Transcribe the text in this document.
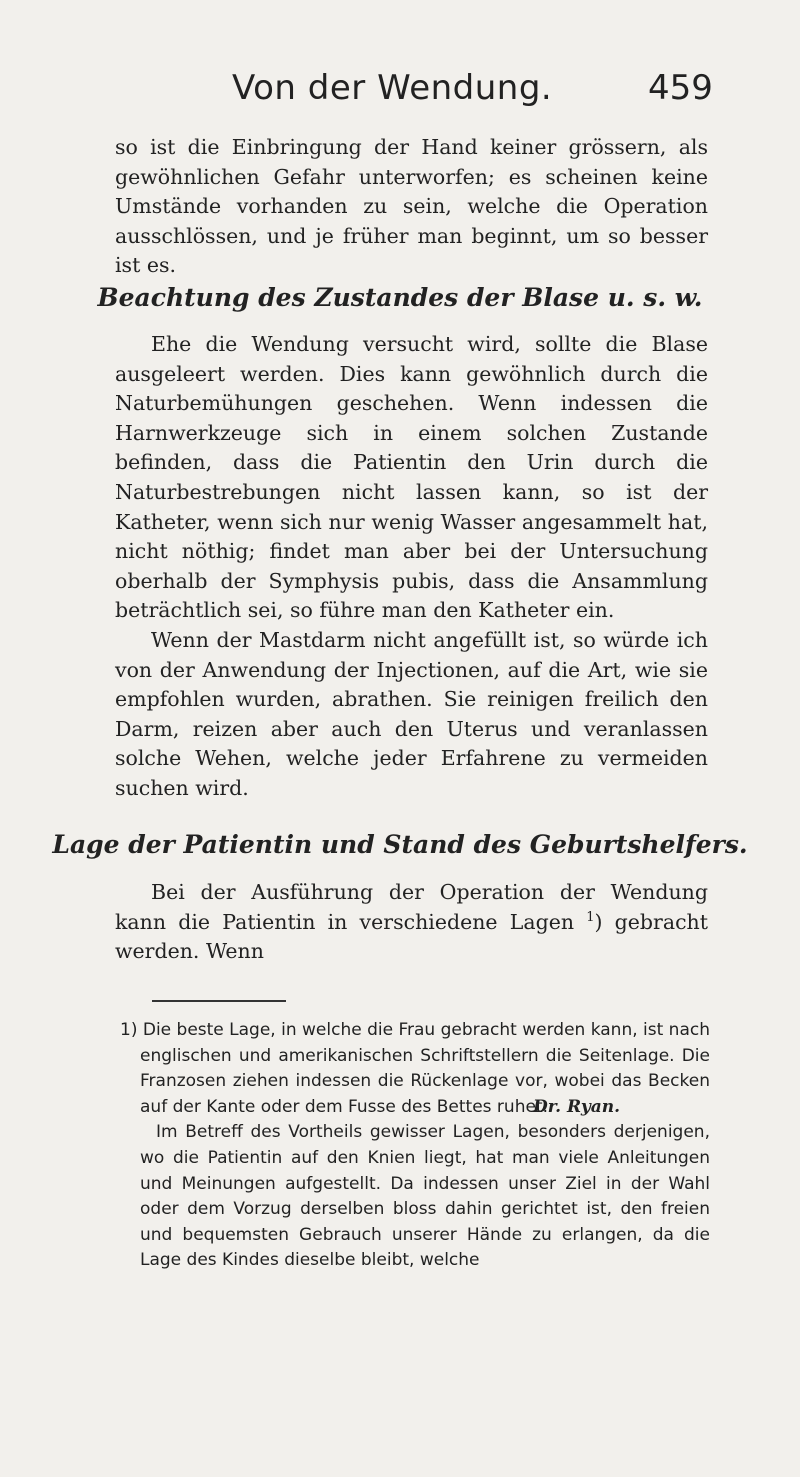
Von der Wendung.	459

so ist die Einbringung der Hand keiner grössern, als gewöhnlichen Gefahr unterworfen; es scheinen keine Umstände vorhanden zu sein, welche die Operation ausschlössen, und je früher man beginnt, um so besser ist es.

Beachtung des Zustandes der Blase u. s. w.

Ehe die Wendung versucht wird, sollte die Blase ausgeleert werden. Dies kann gewöhnlich durch die Naturbemühungen geschehen. Wenn indessen die Harnwerkzeuge sich in einem solchen Zustande befinden, dass die Patientin den Urin durch die Naturbestrebungen nicht lassen kann, so ist der Katheter, wenn sich nur wenig Wasser angesammelt hat, nicht nöthig; findet man aber bei der Untersuchung oberhalb der Symphysis pubis, dass die Ansammlung beträchtlich sei, so führe man den Katheter ein.

Wenn der Mastdarm nicht angefüllt ist, so würde ich von der Anwendung der Injectionen, auf die Art, wie sie empfohlen wurden, abrathen. Sie reinigen freilich den Darm, reizen aber auch den Uterus und veranlassen solche Wehen, welche jeder Erfahrene zu vermeiden suchen wird.

Lage der Patientin und Stand des Geburtshelfers.

Bei der Ausführung der Operation der Wendung kann die Patientin in verschiedene Lagen $^1$) gebracht werden. Wenn

1) Die beste Lage, in welche die Frau gebracht werden kann, ist nach englischen und amerikanischen Schriftstellern die Seitenlage. Die Franzosen ziehen indessen die Rückenlage vor, wobei das Becken auf der Kante oder dem Fusse des Bettes ruhet.
Dr. Ryan.

Im Betreff des Vortheils gewisser Lagen, besonders derjenigen, wo die Patientin auf den Knien liegt, hat man viele Anleitungen und Meinungen aufgestellt. Da indessen unser Ziel in der Wahl oder dem Vorzug derselben bloss dahin gerichtet ist, den freien und bequemsten Gebrauch unserer Hände zu erlangen, da die Lage des Kindes dieselbe bleibt, welche
